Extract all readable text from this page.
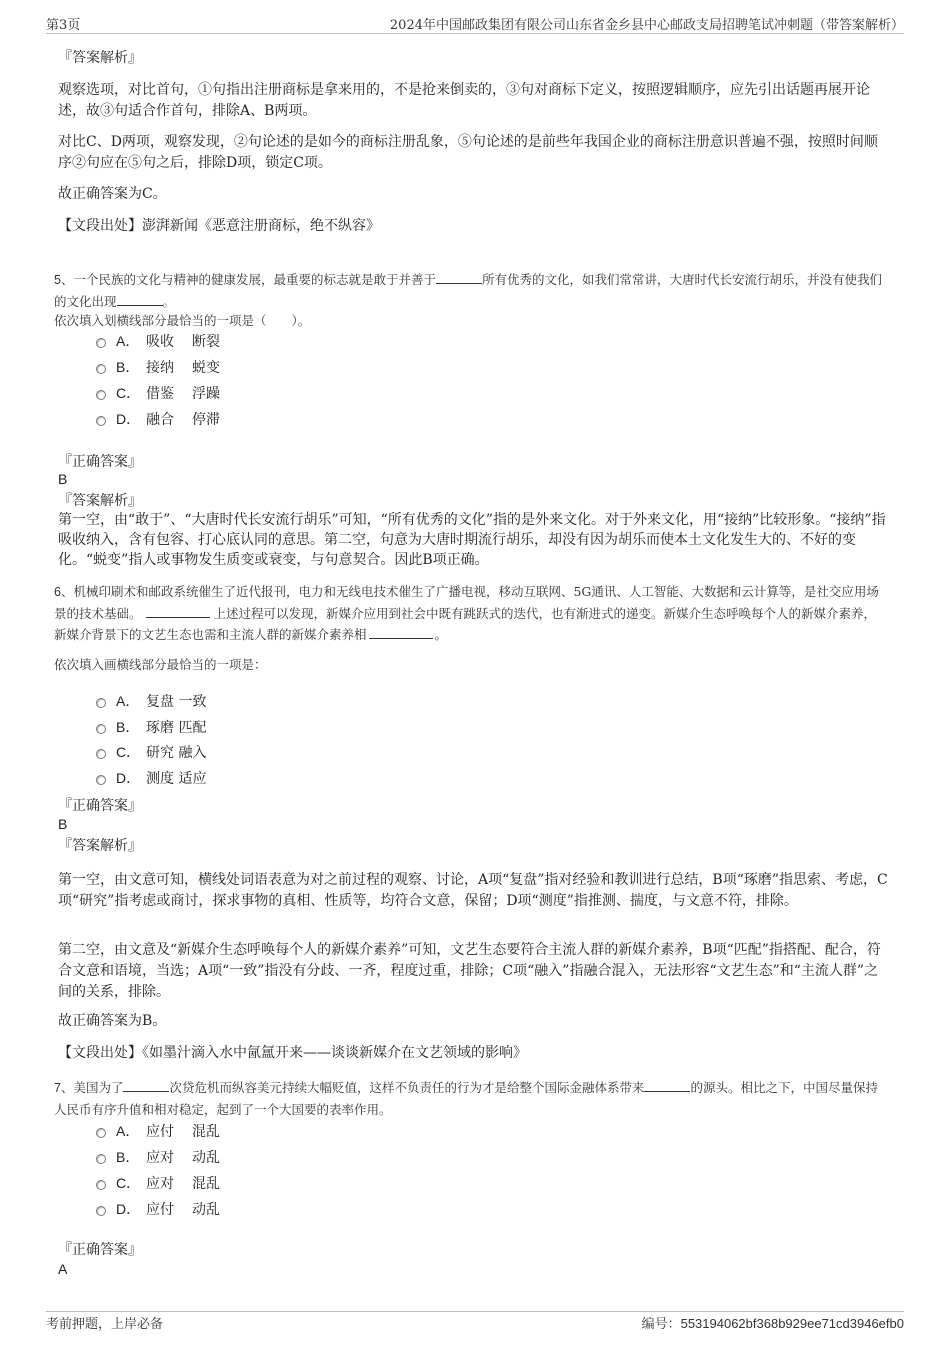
第3页	2024年中国邮政集团有限公司山东省金乡县中心邮政支局招聘笔试冲刺题（带答案解析）
『答案解析』
观察选项，对比首句，①句指出注册商标是拿来用的，不是抢来倒卖的，③句对商标下定义，按照逻辑顺序，应先引出话题再展开论述，故③句适合作首句，排除A、B两项。
对比C、D两项，观察发现，②句论述的是如今的商标注册乱象，⑤句论述的是前些年我国企业的商标注册意识普遍不强，按照时间顺序②句应在⑤句之后，排除D项，锁定C项。
故正确答案为C。
【文段出处】澎湃新闻《恶意注册商标，绝不纵容》
5、一个民族的文化与精神的健康发展，最重要的标志就是敢于并善于	所有优秀的文化，如我们常常讲，大唐时代长安流行胡乐，并没有使我们的文化出现	。
依次填入划横线部分最恰当的一项是（　　）。
A． 吸收 断裂
B． 接纳 蜕变
C． 借鉴 浮躁
D． 融合 停滞
『正确答案』
B
『答案解析』
第一空，由“敢于”、“大唐时代长安流行胡乐”可知，“所有优秀的文化”指的是外来文化。对于外来文化，用“接纳”比较形象。“接纳”指吸收纳入，含有包容、打心底认同的意思。第二空，句意为大唐时期流行胡乐，却没有因为胡乐而使本土文化发生大的、不好的变化。“蜕变”指人或事物发生质变或衰变，与句意契合。因此B项正确。
6、机械印刷术和邮政系统催生了近代报刊，电力和无线电技术催生了广播电视，移动互联网、5G通讯、人工智能、大数据和云计算等，是社交应用场景的技术基础。	上述过程可以发现，新媒介应用到社会中既有跳跃式的迭代，也有渐进式的递变。新媒介生态呼唤每个人的新媒介素养，新媒介背景下的文艺生态也需和主流人群的新媒介素养相	。
依次填入画横线部分最恰当的一项是：
A． 复盘 一致
B． 琢磨 匹配
C． 研究 融入
D． 测度 适应
『正确答案』
B
『答案解析』
第一空，由文意可知，横线处词语表意为对之前过程的观察、讨论，A项“复盘”指对经验和教训进行总结，B项“琢磨”指思索、考虑，C项“研究”指考虑或商讨，探求事物的真相、性质等，均符合文意，保留；D项“测度”指推测、揣度，与文意不符，排除。
第二空，由文意及“新媒介生态呼唤每个人的新媒介素养”可知，文艺生态要符合主流人群的新媒介素养，B项“匹配”指搭配、配合，符合文意和语境，当选；A项“一致”指没有分歧、一齐，程度过重，排除；C项“融入”指融合混入，无法形容“文艺生态”和“主流人群”之间的关系，排除。
故正确答案为B。
【文段出处】《如墨汁滴入水中氤氲开来——谈谈新媒介在文艺领域的影响》
7、美国为了	次贷危机而纵容美元持续大幅贬值，这样不负责任的行为才是给整个国际金融体系带来	的源头。相比之下，中国尽量保持人民币有序升值和相对稳定，起到了一个大国要的表率作用。
A． 应付 混乱
B． 应对 动乱
C． 应对 混乱
D． 应付 动乱
『正确答案』
A
考前押题，上岸必备	编号：553194062bf368b929ee71cd3946efb0
